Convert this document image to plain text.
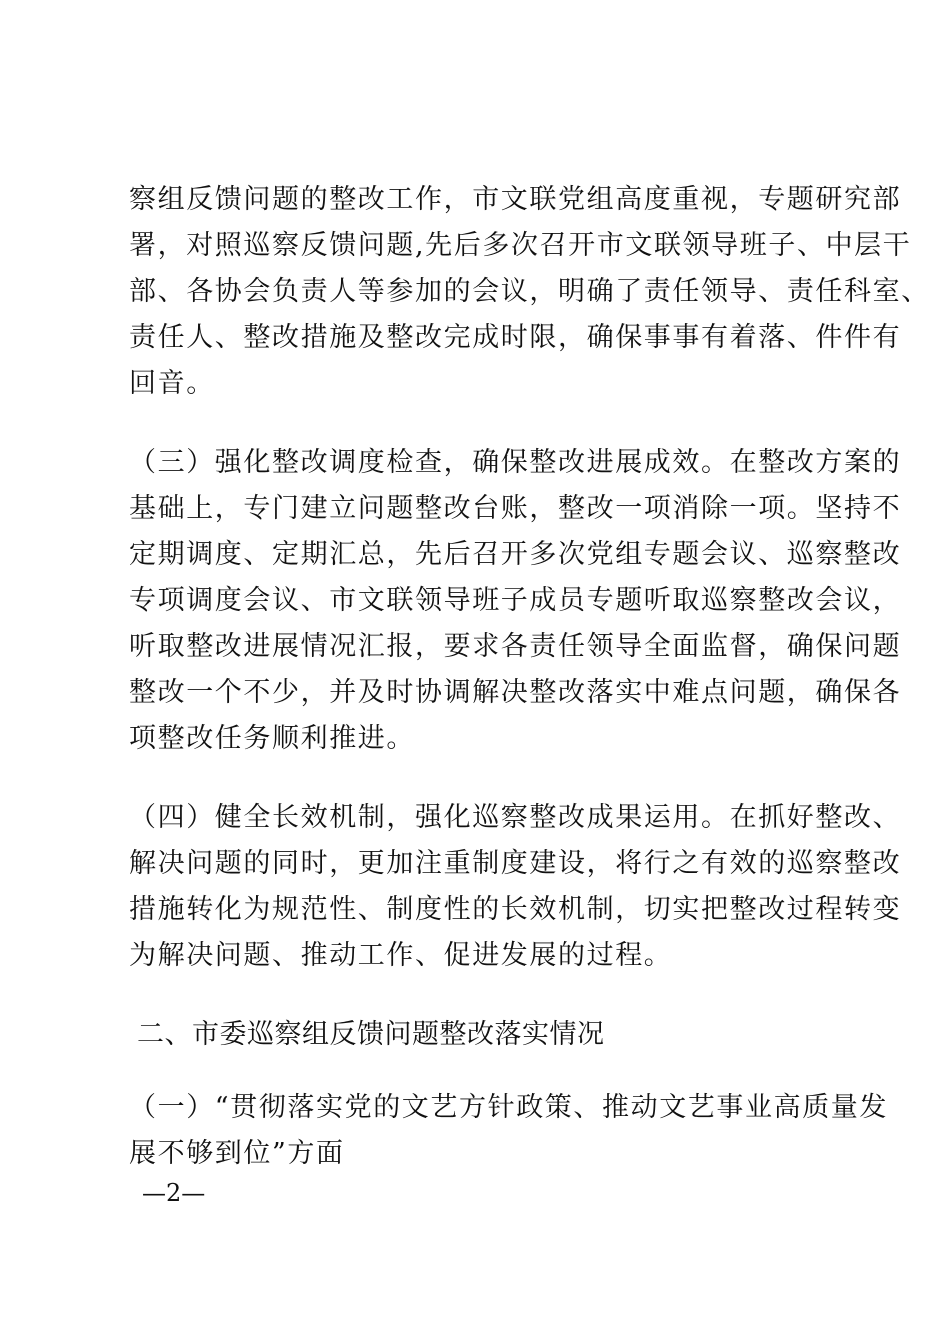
察组反馈问题的整改工作，市文联党组高度重视，专题研究部
署，对照巡察反馈问题,先后多次召开市文联领导班子、中层干
部、各协会负责人等参加的会议，明确了责任领导、责任科室、
责任人、整改措施及整改完成时限，确保事事有着落、件件有
回音。
（三）强化整改调度检查，确保整改进展成效。在整改方案的
基础上，专门建立问题整改台账，整改一项消除一项。坚持不
定期调度、定期汇总，先后召开多次党组专题会议、巡察整改
专项调度会议、市文联领导班子成员专题听取巡察整改会议，
听取整改进展情况汇报，要求各责任领导全面监督，确保问题
整改一个不少，并及时协调解决整改落实中难点问题，确保各
项整改任务顺利推进。
（四）健全长效机制，强化巡察整改成果运用。在抓好整改、
解决问题的同时，更加注重制度建设，将行之有效的巡察整改
措施转化为规范性、制度性的长效机制，切实把整改过程转变
为解决问题、推动工作、促进发展的过程。
二、市委巡察组反馈问题整改落实情况
（一）“贯彻落实党的文艺方针政策、推动文艺事业高质量发
展不够到位”方面
—2—
